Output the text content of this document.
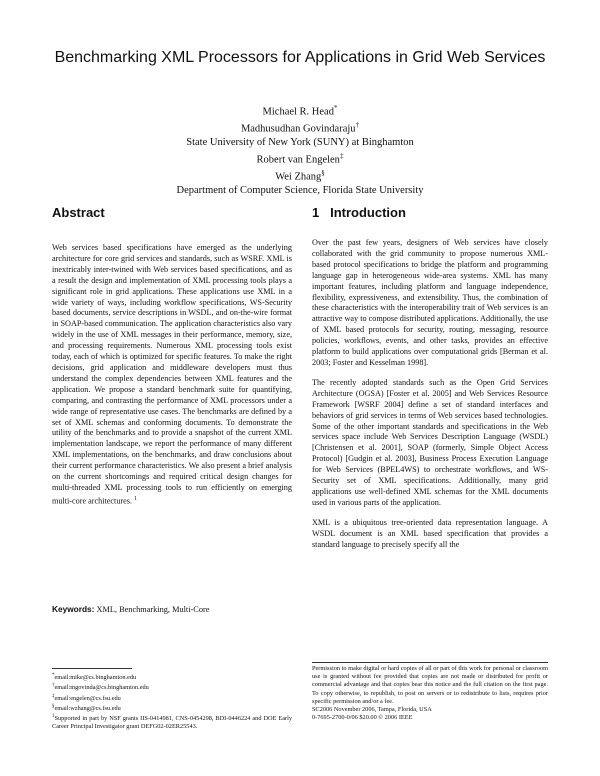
Benchmarking XML Processors for Applications in Grid Web Services
Michael R. Head*
Madhusudhan Govindaraju†
State University of New York (SUNY) at Binghamton
Robert van Engelen‡
Wei Zhang§
Department of Computer Science, Florida State University
Abstract

Web services based specifications have emerged as the underlying architecture for core grid services and standards, such as WSRF. XML is inextricably inter-twined with Web services based specifications, and as a result the design and implementation of XML processing tools plays a significant role in grid applications. These applications use XML in a wide variety of ways, including workflow specifications, WS-Security based documents, service descriptions in WSDL, and on-the-wire format in SOAP-based communication. The application characteristics also vary widely in the use of XML messages in their performance, memory, size, and processing requirements. Numerous XML processing tools exist today, each of which is optimized for specific features. To make the right decisions, grid application and middleware developers must thus understand the complex dependencies between XML features and the application. We propose a standard benchmark suite for quantifying, comparing, and contrasting the performance of XML processors under a wide range of representative use cases. The benchmarks are defined by a set of XML schemas and conforming documents. To demonstrate the utility of the benchmarks and to provide a snapshot of the current XML implementation landscape, we report the performance of many different XML implementations, on the benchmarks, and draw conclusions about their current performance characteristics. We also present a brief analysis on the current shortcomings and required critical design changes for multi-threaded XML processing tools to run efficiently on emerging multi-core architectures. $^1$

Keywords: XML, Benchmarking, Multi-Core

*email:mike@cs.binghamton.edu

†email:mgovinda@cs.binghamton.edu

‡email:engelen@cs.fsu.edu

§email:wzhang@cs.fsu.edu

$^1$Supported in part by NSF grants IIS-0414981, CNS-0454298, BDI-0446224 and DOE Early Career Principal Investigator grant DEFG02-02ER25543.

1 Introduction

Over the past few years, designers of Web services have closely collaborated with the grid community to propose numerous XML-based protocol specifications to bridge the platform and programming language gap in heterogeneous wide-area systems. XML has many important features, including platform and language independence, flexibility, expressiveness, and extensibility. Thus, the combination of these characteristics with the interoperability trait of Web services is an attractive way to compose distributed applications. Additionally, the use of XML based protocols for security, routing, messaging, resource policies, workflows, events, and other tasks, provides an effective platform to build applications over computational grids [Berman et al. 2003; Foster and Kesselman 1998].

The recently adopted standards such as the Open Grid Services Architecture (OGSA) [Foster et al. 2005] and Web Services Resource Framework [WSRF 2004] define a set of standard interfaces and behaviors of grid services in terms of Web services based technologies. Some of the other important standards and specifications in the Web services space include Web Services Description Language (WSDL) [Christensen et al. 2001], SOAP (formerly, Simple Object Access Protocol) [Gudgin et al. 2003], Business Process Execution Language for Web Services (BPEL4WS) to orchestrate workflows, and WS-Security set of XML specifications. Additionally, many grid applications use well-defined XML schemas for the XML documents used in various parts of the application.

XML is a ubiquitous tree-oriented data representation language. A WSDL document is an XML based specification that provides a standard language to precisely specify all the

Permission to make digital or hard copies of all or part of this work for personal or classroom use is granted without fee provided that copies are not made or distributed for profit or commercial advantage and that copies bear this notice and the full citation on the first page. To copy otherwise, to republish, to post on servers or to redistribute to lists, requires prior specific permission and/or a fee.

SC2006 November 2006, Tampa, Florida, USA

0-7695-2700-0/06 $20.00 © 2006 IEEE
